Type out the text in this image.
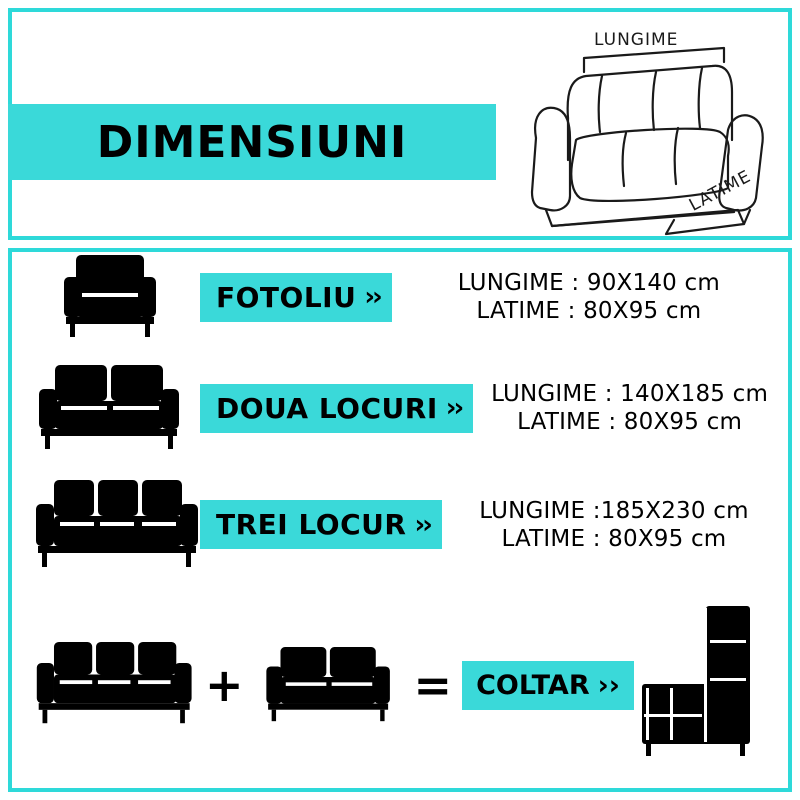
DIMENSIUNI
LUNGIME
LATIME
FOTOLIU ››	LUNGIME : 90X140 cm
LATIME : 80X95 cm
DOUA LOCURI ›› LUNGIME : 140X185 cm
LATIME : 80X95 cm
TREI LOCUR ›› LUNGIME :185X230 cm
LATIME : 80X95 cm
+	= COLTAR ››
